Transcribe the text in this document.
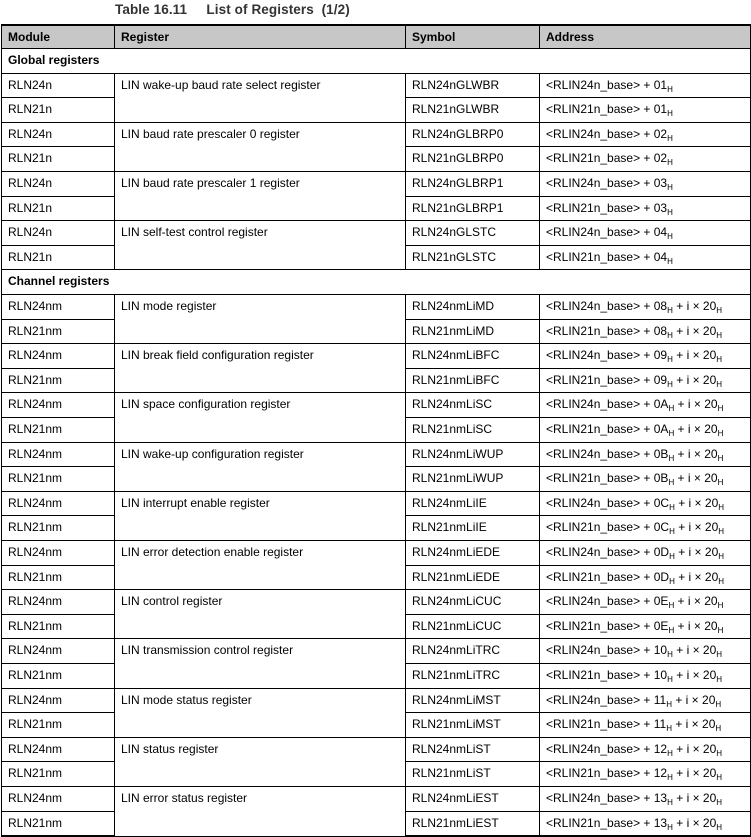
Table 16.11     List of Registers  (1/2)
Module	Register	Symbol	Address
Global registers			
RLN24n	LIN wake-up baud rate select register	RLN24nGLWBR	<RLIN24n_base> + $01_H$
RLN21n		RLN21nGLWBR	<RLIN21n_base> + $01_H$
RLN24n	LIN baud rate prescaler 0 register	RLN24nGLBRP0	<RLIN24n_base> + $02_H$
RLN21n		RLN21nGLBRP0	<RLIN21n_base> + $02_H$
RLN24n	LIN baud rate prescaler 1 register	RLN24nGLBRP1	<RLIN24n_base> + $03_H$
RLN21n		RLN21nGLBRP1	<RLIN21n_base> + $03_H$
RLN24n	LIN self-test control register	RLN24nGLSTC	<RLIN24n_base> + $04_H$
RLN21n		RLN21nGLSTC	<RLIN21n_base> + $04_H$
Channel registers			
RLN24nm	LIN mode register	RLN24nmLiMD	<RLIN24n_base> + $08_H + i \times 20_H$
RLN21nm		RLN21nmLiMD	<RLIN21n_base> + $08_H + i \times 20_H$
RLN24nm	LIN break field configuration register	RLN24nmLiBFC	<RLIN24n_base> + $09_H + i \times 20_H$
RLN21nm		RLN21nmLiBFC	<RLIN21n_base> + $09_H + i \times 20_H$
RLN24nm	LIN space configuration register	RLN24nmLiSC	<RLIN24n_base> + $0A_H + i \times 20_H$
RLN21nm		RLN21nmLiSC	<RLIN21n_base> + $0A_H + i \times 20_H$
RLN24nm	LIN wake-up configuration register	RLN24nmLiWUP	<RLIN24n_base> + $0B_H + i \times 20_H$
RLN21nm		RLN21nmLiWUP	<RLIN21n_base> + $0B_H + i \times 20_H$
RLN24nm	LIN interrupt enable register	RLN24nmLiIE	<RLIN24n_base> + $0C_H + i \times 20_H$
RLN21nm		RLN21nmLiIE	<RLIN21n_base> + $0C_H + i \times 20_H$
RLN24nm	LIN error detection enable register	RLN24nmLiEDE	<RLIN24n_base> + $0D_H + i \times 20_H$
RLN21nm		RLN21nmLiEDE	<RLIN21n_base> + $0D_H + i \times 20_H$
RLN24nm	LIN control register	RLN24nmLiCUC	<RLIN24n_base> + $0E_H + i \times 20_H$
RLN21nm		RLN21nmLiCUC	<RLIN21n_base> + $0E_H + i \times 20_H$
RLN24nm	LIN transmission control register	RLN24nmLiTRC	<RLIN24n_base> + $10_H + i \times 20_H$
RLN21nm		RLN21nmLiTRC	<RLIN21n_base> + $10_H + i \times 20_H$
RLN24nm	LIN mode status register	RLN24nmLiMST	<RLIN24n_base> + $11_H + i \times 20_H$
RLN21nm		RLN21nmLiMST	<RLIN21n_base> + $11_H + i \times 20_H$
RLN24nm	LIN status register	RLN24nmLiST	<RLIN24n_base> + $12_H + i \times 20_H$
RLN21nm		RLN21nmLiST	<RLIN21n_base> + $12_H + i \times 20_H$
RLN24nm	LIN error status register	RLN24nmLiEST	<RLIN24n_base> + $13_H + i \times 20_H$
RLN21nm		RLN21nmLiEST	<RLIN21n_base> + $13_H + i \times 20_H$
